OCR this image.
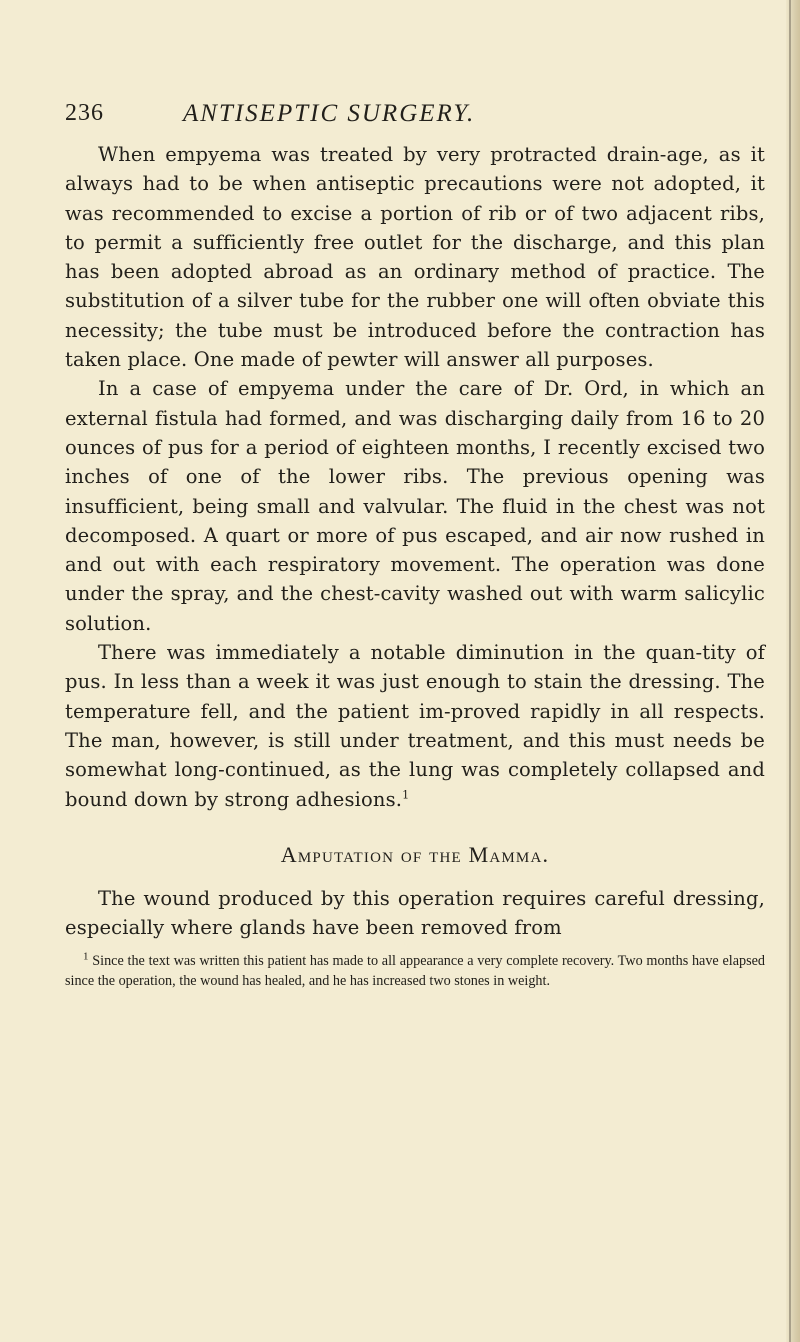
236	ANTISEPTIC SURGERY.

When empyema was treated by very protracted drain-age, as it always had to be when antiseptic precautions were not adopted, it was recommended to excise a portion of rib or of two adjacent ribs, to permit a sufficiently free outlet for the discharge, and this plan has been adopted abroad as an ordinary method of practice. The substitution of a silver tube for the rubber one will often obviate this necessity; the tube must be introduced before the contraction has taken place. One made of pewter will answer all purposes.

In a case of empyema under the care of Dr. Ord, in which an external fistula had formed, and was discharging daily from 16 to 20 ounces of pus for a period of eighteen months, I recently excised two inches of one of the lower ribs. The previous opening was insufficient, being small and valvular. The fluid in the chest was not decomposed. A quart or more of pus escaped, and air now rushed in and out with each respiratory movement. The operation was done under the spray, and the chest-cavity washed out with warm salicylic solution.

There was immediately a notable diminution in the quan-tity of pus. In less than a week it was just enough to stain the dressing. The temperature fell, and the patient im-proved rapidly in all respects. The man, however, is still under treatment, and this must needs be somewhat long-continued, as the lung was completely collapsed and bound down by strong adhesions.$^1$

Amputation of the Mamma.

The wound produced by this operation requires careful dressing, especially where glands have been removed from

$^1$ Since the text was written this patient has made to all appearance a very complete recovery. Two months have elapsed since the operation, the wound has healed, and he has increased two stones in weight.
